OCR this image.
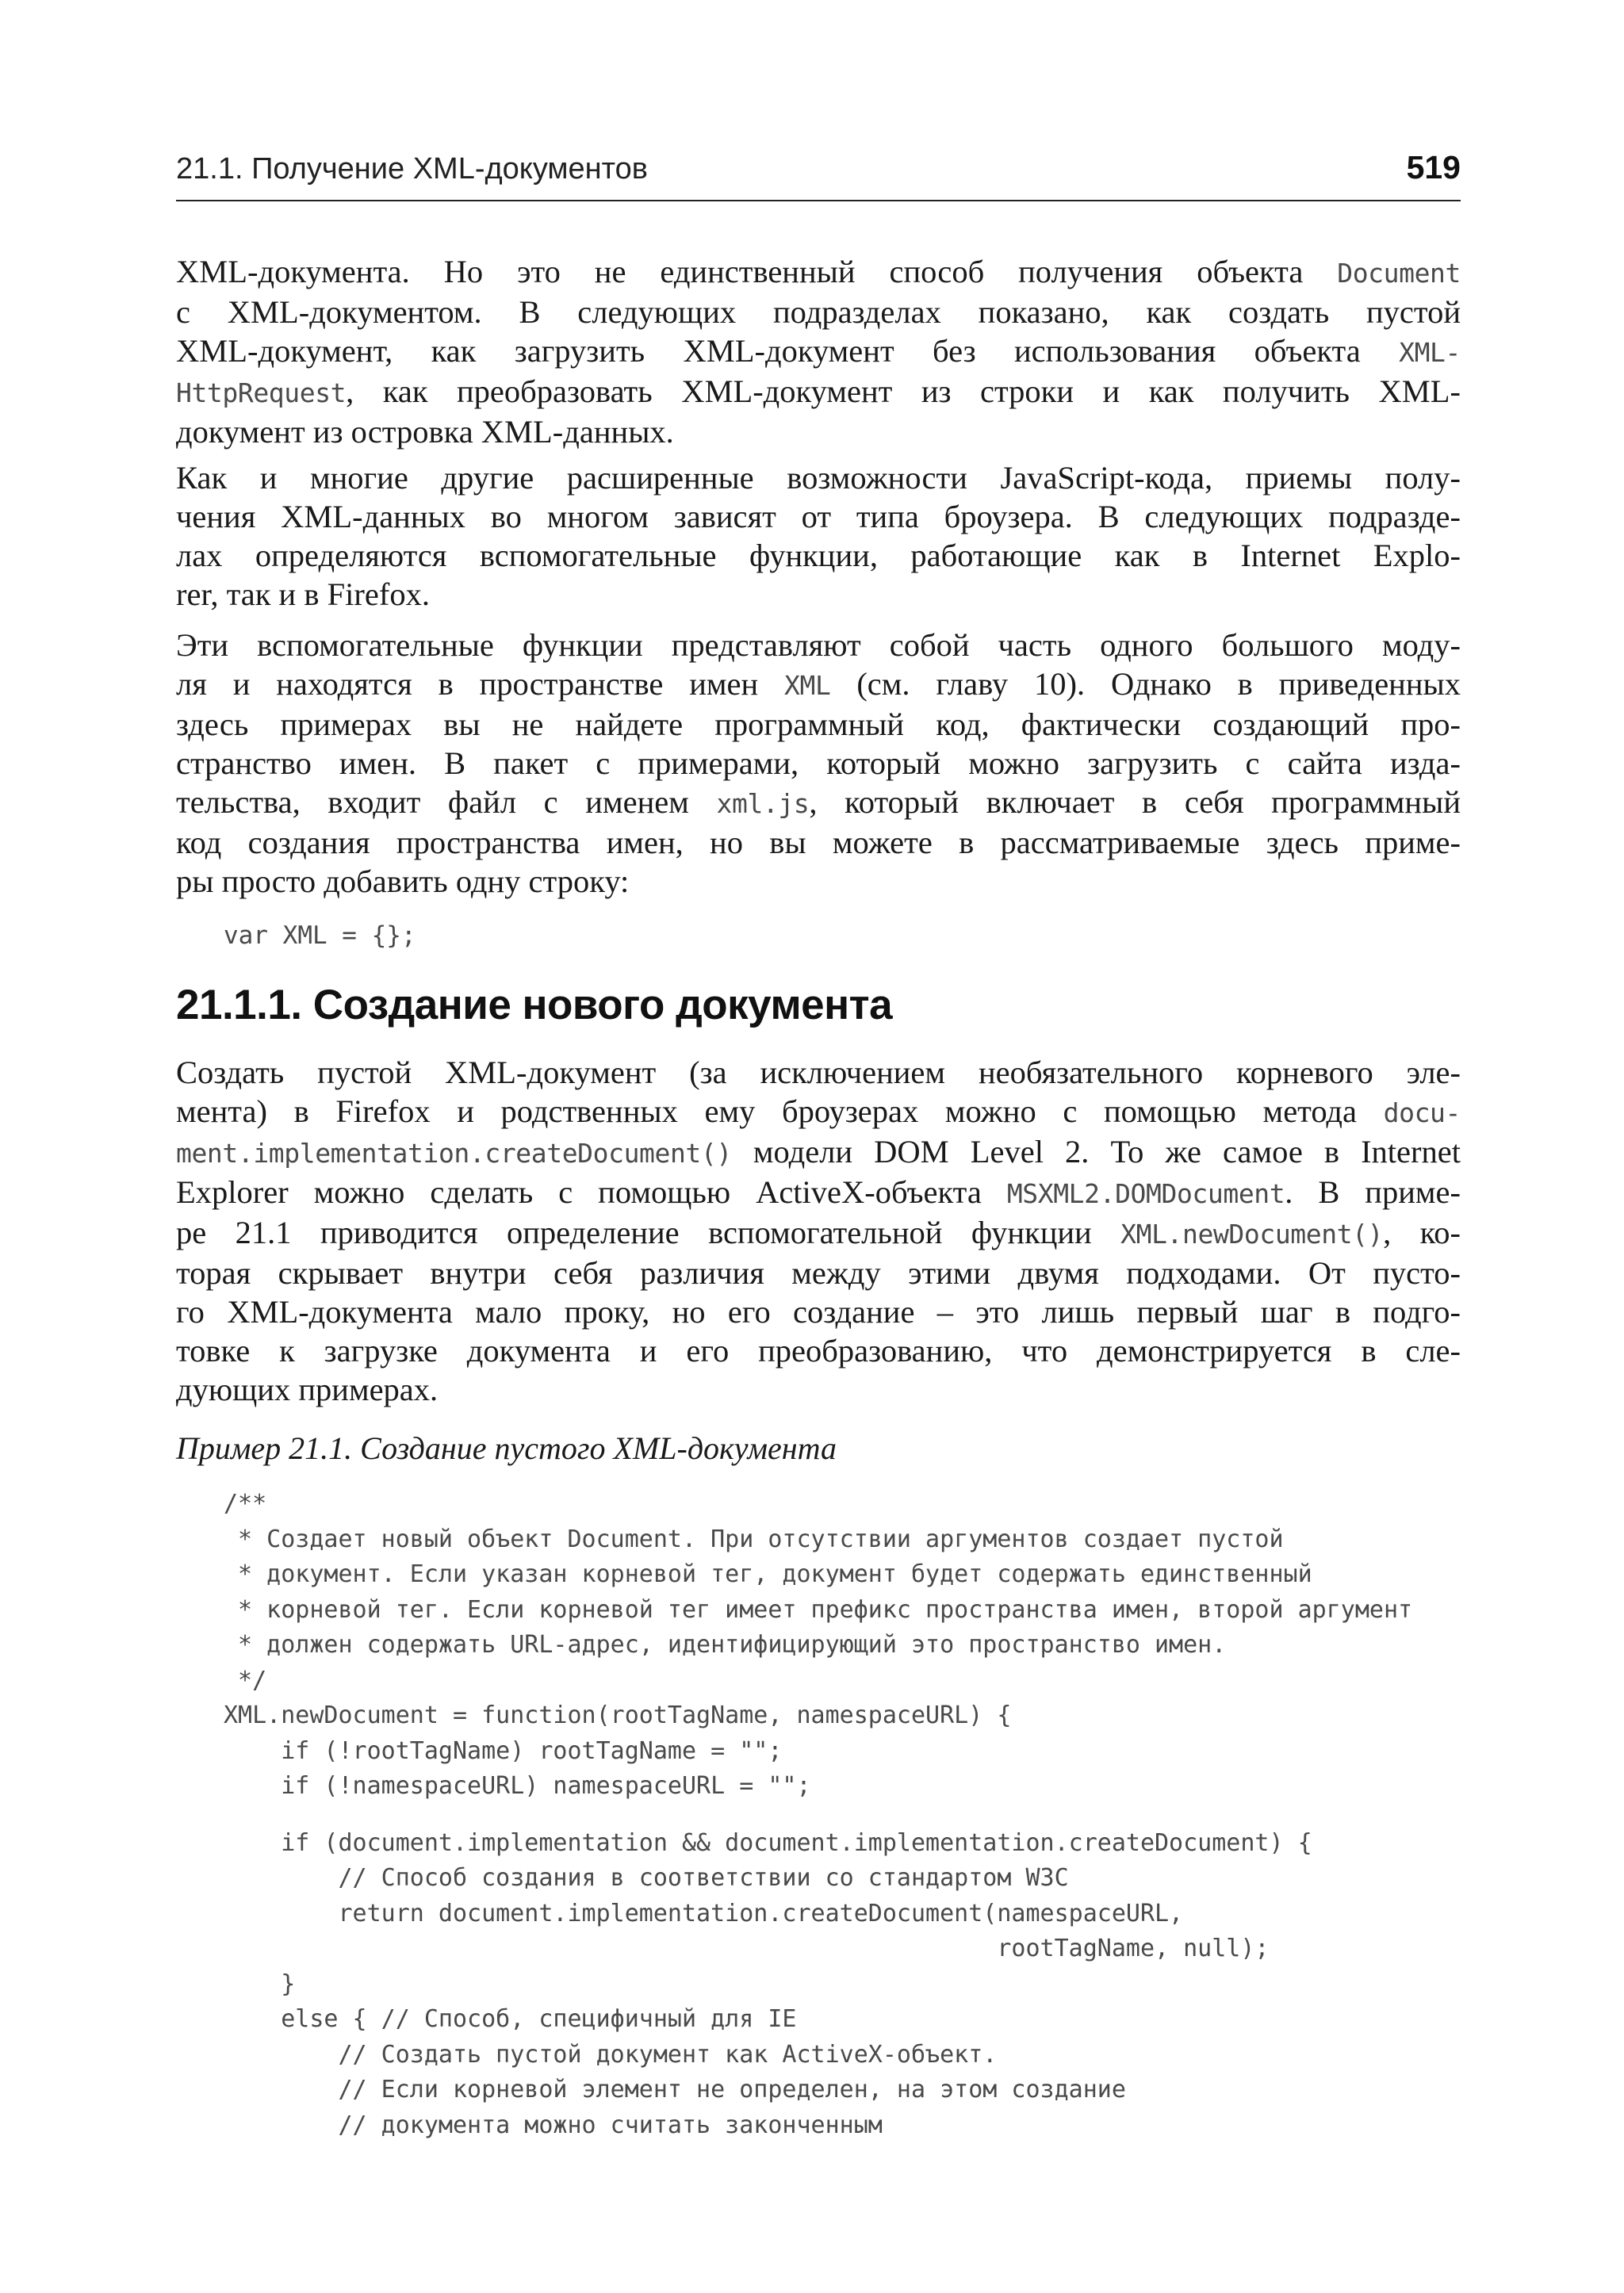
21.1. Получение XML-документов	519

XML-документа. Но это не единственный способ получения объекта Document
с XML-документом. В следующих подразделах показано, как создать пустой
XML-документ, как загрузить XML-документ без использования объекта XML-
HttpRequest, как преобразовать XML-документ из строки и как получить XML-
документ из островка XML-данных.

Как и многие другие расширенные возможности JavaScript-кода, приемы полу-
чения XML-данных во многом зависят от типа броузера. В следующих подразде-
лах определяются вспомогательные функции, работающие как в Internet Explo-
rer, так и в Firefox.

Эти вспомогательные функции представляют собой часть одного большого моду-
ля и находятся в пространстве имен XML (см. главу 10). Однако в приведенных
здесь примерах вы не найдете программный код, фактически создающий про-
странство имен. В пакет с примерами, который можно загрузить с сайта изда-
тельства, входит файл с именем xml.js, который включает в себя программный
код создания пространства имен, но вы можете в рассматриваемые здесь приме-
ры просто добавить одну строку:

var XML = {};
21.1.1. Создание нового документа

Создать пустой XML-документ (за исключением необязательного корневого эле-
мента) в Firefox и родственных ему броузерах можно с помощью метода docu-
ment.implementation.createDocument() модели DOM Level 2. То же самое в Internet
Explorer можно сделать с помощью ActiveX-объекта MSXML2.DOMDocument. В приме-
ре 21.1 приводится определение вспомогательной функции XML.newDocument(), ко-
торая скрывает внутри себя различия между этими двумя подходами. От пусто-
го XML-документа мало проку, но его создание – это лишь первый шаг в подго-
товке к загрузке документа и его преобразованию, что демонстрируется в сле-
дующих примерах.

Пример 21.1. Создание пустого XML-документа

/**
* Создает новый объект Document. При отсутствии аргументов создает пустой
* документ. Если указан корневой тег, документ будет содержать единственный
* корневой тег. Если корневой тег имеет префикс пространства имен, второй аргумент
* должен содержать URL-адрес, идентифицирующий это пространство имен.
*/
XML.newDocument = function(rootTagName, namespaceURL) {
if (!rootTagName) rootTagName = "";
if (!namespaceURL) namespaceURL = "";
if (document.implementation && document.implementation.createDocument) {
// Способ создания в соответствии со стандартом W3C
return document.implementation.createDocument(namespaceURL,
rootTagName, null);
}
else { // Способ, специфичный для IE
// Создать пустой документ как ActiveX-объект.
// Если корневой элемент не определен, на этом создание
// документа можно считать законченным
